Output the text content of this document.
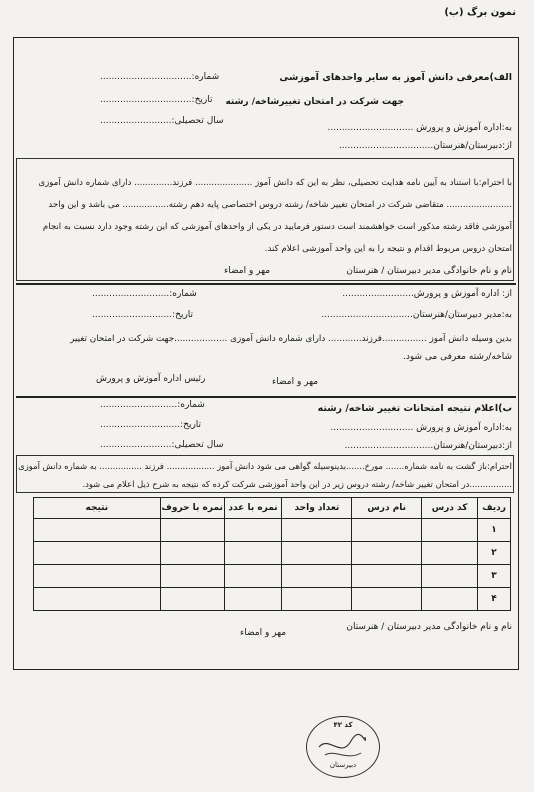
نمون برگ (ب)
الف)معرفی دانش آموز به سایر واحدهای آموزشی
جهت شرکت در امتحان تغییرشاخه/ رشته
شماره:................................
تاریخ:................................
سال تحصیلی:.........................
به:اداره آموزش و پرورش ..............................
از:دبیرستان/هنرستان.................................
با احترام:با استناد به آیین نامه هدایت تحصیلی، نظر به این که دانش آموز ..................... فرزند.............. دارای شماره دانش آموزی
........................ متقاضی شرکت در امتحان تغییر شاخه/ رشته دروس اختصاصی پایه دهم رشته................. می باشد و این واحد
آموزشی فاقد رشته مذکور است خواهشمند است دستور فرمایید در یکی از واحدهای آموزشی که این رشته وجود دارد نسبت به انجام
امتحان دروس مربوط اقدام و نتیجه را به این واحد آموزشی اعلام کند.
نام و نام خانوادگی مدیر دبیرستان / هنرستان
مهر و امضاء
از: اداره آموزش و پرورش.........................
شماره:...........................
به:مدیر دبیرستان/هنرستان................................
تاریخ:............................
بدین وسیله دانش آموز ................فرزند............ دارای شماره دانش آموزی ...................جهت شرکت در امتحان تغییر
شاخه/رشته معرفی می شود.
رئیس اداره آموزش و پرورش	مهر و امضاء
ب)اعلام نتیجه امتحانات تغییر شاخه/ رشته
شماره:...........................
تاریخ:............................
سال تحصیلی:.........................
به:اداره آموزش و پرورش .............................
از:دبیرستان/هنرستان...............................
احترام:باز گشت به نامه شماره....... مورخ.......بدینوسیله گواهی می شود دانش آموز .................. فرزند ................ به شماره دانش آموزی
................در امتحان تغییر شاخه/ رشته دروس زیر در این واحد آموزشی شرکت کرده که نتیجه به شرح ذیل اعلام می شود.
ردیف	کد درس	نام درس	تعداد واحد	نمره با عدد	نمره با حروف	نتیجه
۱						
۲						
۳						
۴						
نام و نام خانوادگی مدیر دبیرستان / هنرستان
مهر و امضاء
کد ۴۲
دبیرستان
